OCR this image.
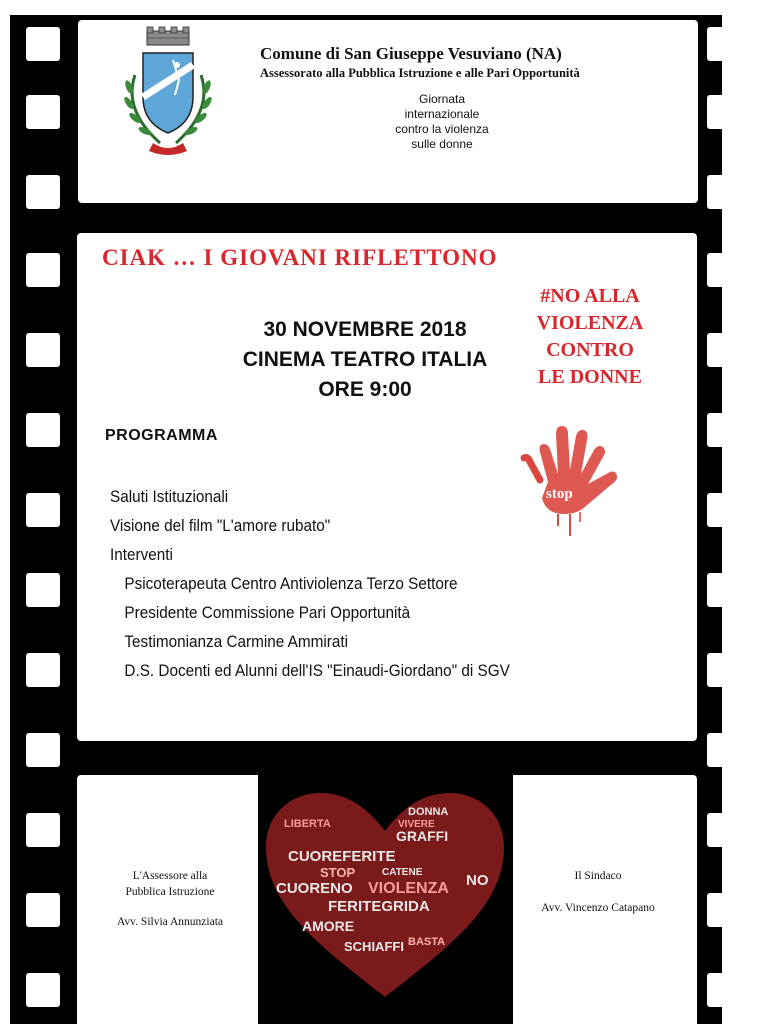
Comune di San Giuseppe Vesuviano (NA)
Assessorato alla Pubblica Istruzione e alle Pari Opportunità
Giornata
internazionale
contro la violenza
sulle donne
CIAK … I GIOVANI RIFLETTONO
#NO ALLA
VIOLENZA
CONTRO
LE DONNE
30 NOVEMBRE 2018
CINEMA TEATRO ITALIA
ORE 9:00
PROGRAMMA
stop
Saluti Istituzionali
Visione del film "L'amore rubato"
Interventi
Psicoterapeuta Centro Antiviolenza Terzo Settore
Presidente Commissione Pari Opportunità
Testimonianza Carmine Ammirati
D.S. Docenti ed Alunni dell'IS "Einaudi-Giordano" di SGV
L'Assessore alla
Pubblica Istruzione
Avv. Silvia Annunziata
Il Sindaco
Avv. Vincenzo Catapano
DONNA
VIVERE
GRAFFI
CUOREFERITE
STOP	CATENE
CUORENO VIOLENZA
FERITEGRIDA
AMORE
LIBERTA
SCHIAFFI BASTA
NO
